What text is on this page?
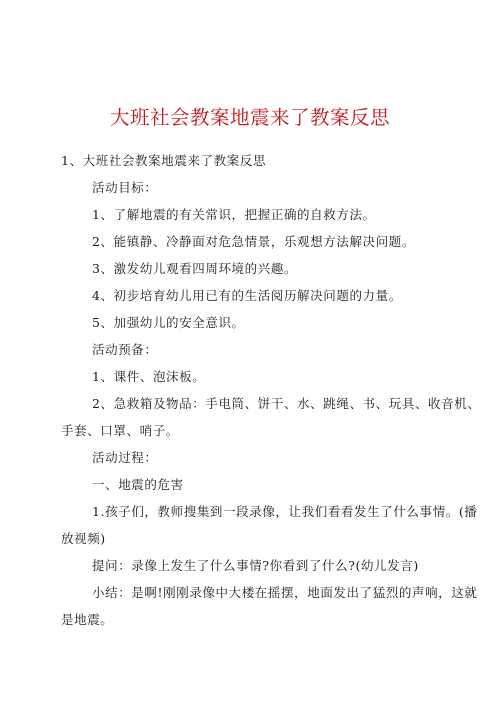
大班社会教案地震来了教案反思
1、大班社会教案地震来了教案反思
活动目标：
1、了解地震的有关常识，把握正确的自救方法。
2、能镇静、冷静面对危急情景，乐观想方法解决问题。
3、激发幼儿观看四周环境的兴趣。
4、初步培育幼儿用已有的生活阅历解决问题的力量。
5、加强幼儿的安全意识。
活动预备：
1、课件、泡沫板。
2、急救箱及物品：手电筒、饼干、水、跳绳、书、玩具、收音机、
手套、口罩、哨子。
活动过程：
一、地震的危害
1.孩子们，教师搜集到一段录像，让我们看看发生了什么事情。(播
放视频)
提问：录像上发生了什么事情?你看到了什么?(幼儿发言)
小结：是啊!刚刚录像中大楼在摇摆，地面发出了猛烈的声响，这就
是地震。
